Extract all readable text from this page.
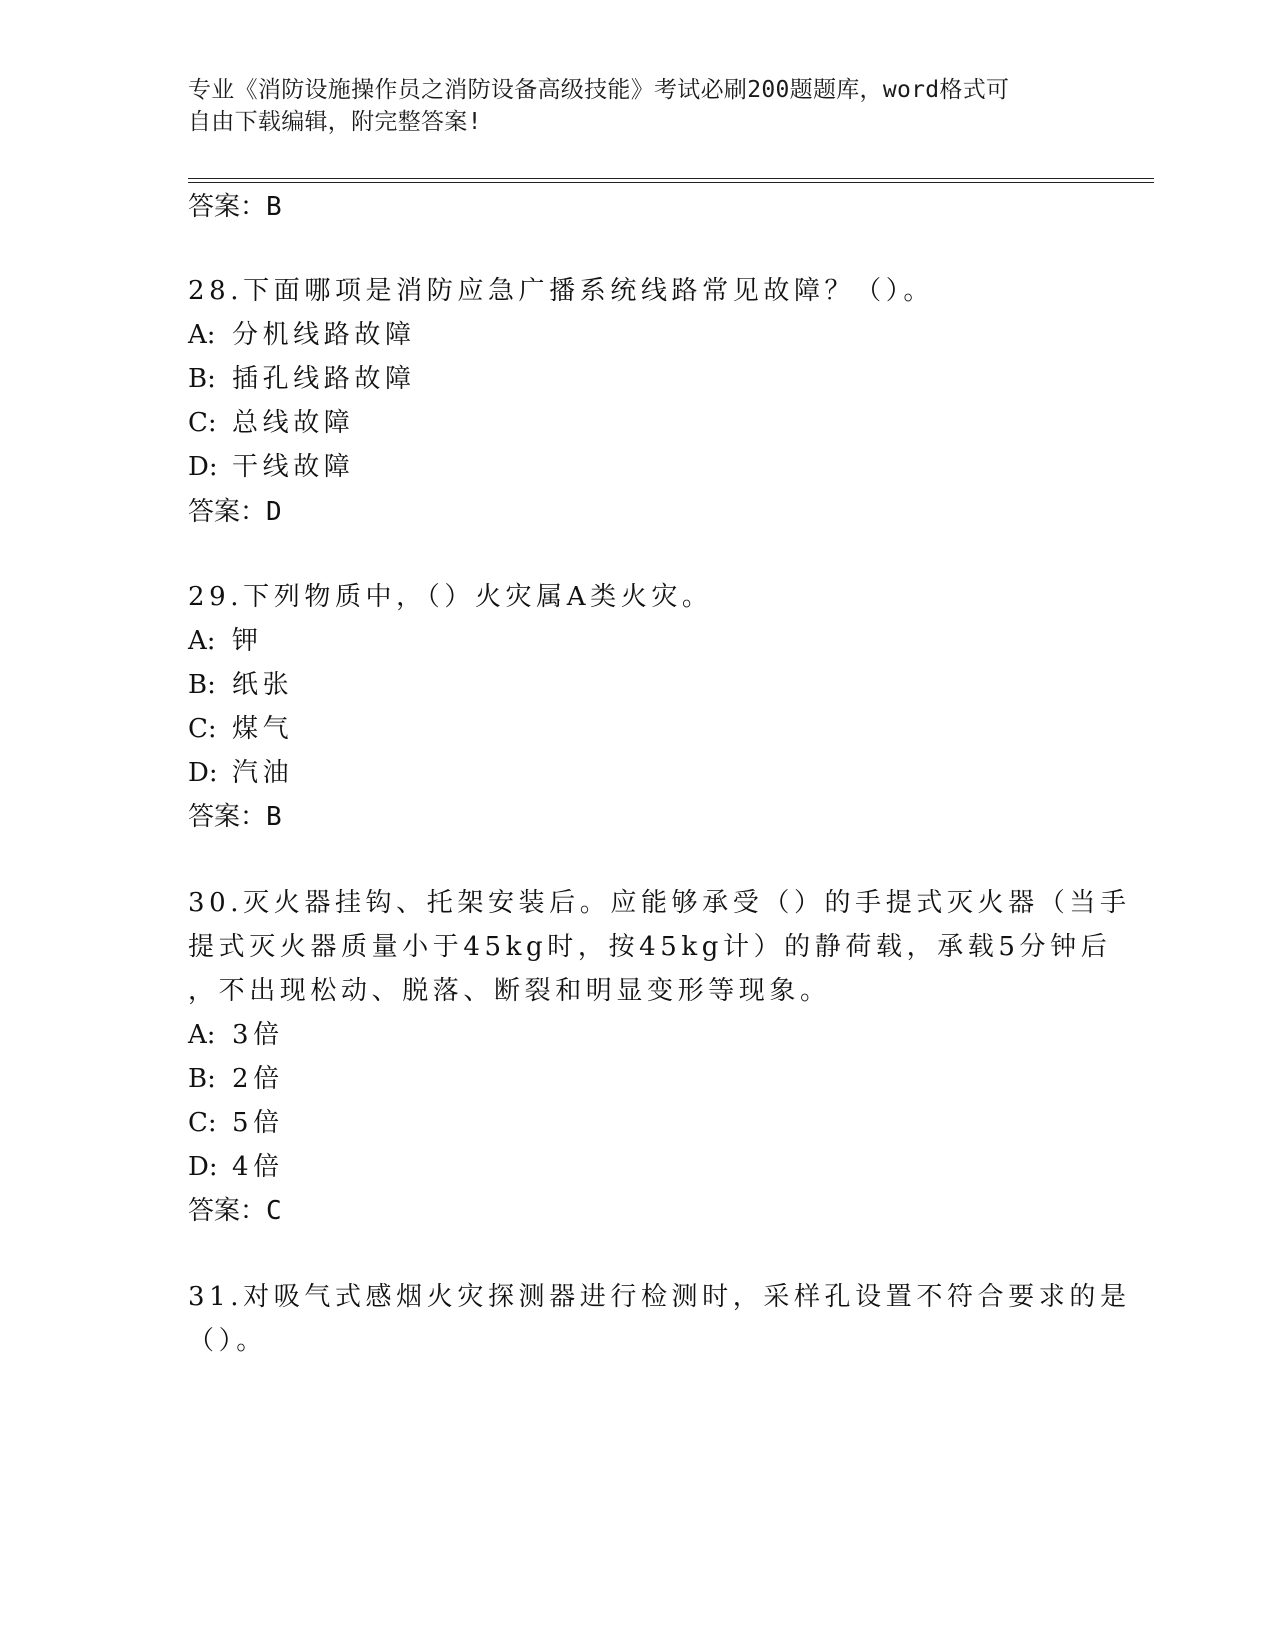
专业《消防设施操作员之消防设备高级技能》考试必刷200题题库，word格式可
自由下载编辑，附完整答案!
答案：B
28.下面哪项是消防应急广播系统线路常见故障？（）。
A: 分机线路故障
B: 插孔线路故障
C: 总线故障
D: 干线故障
答案：D
29.下列物质中，（）火灾属A类火灾。
A: 钾
B: 纸张
C: 煤气
D: 汽油
答案：B
30.灭火器挂钩、托架安装后。应能够承受（）的手提式灭火器（当手
提式灭火器质量小于45kg时，按45kg计）的静荷载，承载5分钟后
，不出现松动、脱落、断裂和明显变形等现象。
A: 3倍
B: 2倍
C: 5倍
D: 4倍
答案：C
31.对吸气式感烟火灾探测器进行检测时，采样孔设置不符合要求的是
（）。
